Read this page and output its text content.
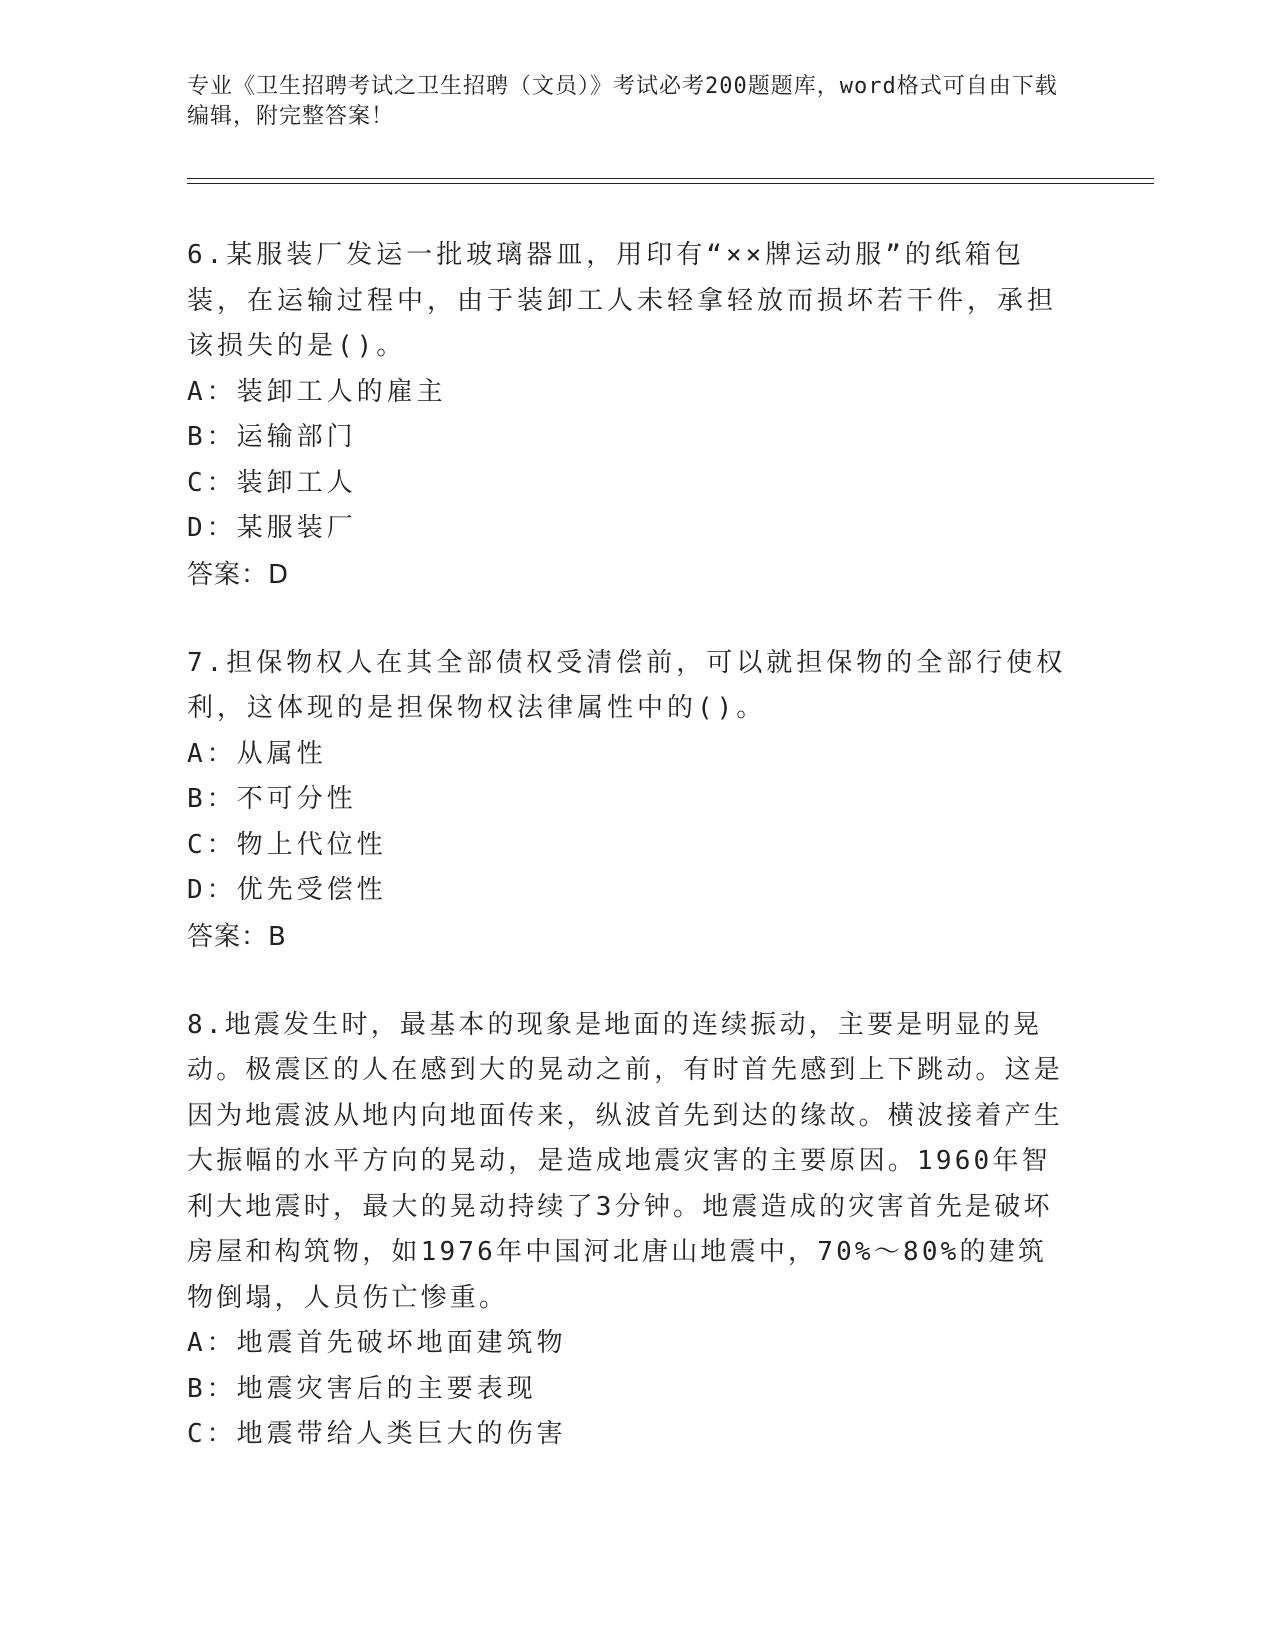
专业《卫生招聘考试之卫生招聘（文员）》考试必考200题题库，word格式可自由下载编辑，附完整答案！

6.某服装厂发运一批玻璃器皿，用印有“××牌运动服”的纸箱包装，在运输过程中，由于装卸工人未轻拿轻放而损坏若干件，承担该损失的是()。

A：装卸工人的雇主

B：运输部门

C：装卸工人

D：某服装厂

答案：D

7.担保物权人在其全部债权受清偿前，可以就担保物的全部行使权利，这体现的是担保物权法律属性中的()。

A：从属性

B：不可分性

C：物上代位性

D：优先受偿性

答案：B

8.地震发生时，最基本的现象是地面的连续振动，主要是明显的晃动。极震区的人在感到大的晃动之前，有时首先感到上下跳动。这是因为地震波从地内向地面传来，纵波首先到达的缘故。横波接着产生大振幅的水平方向的晃动，是造成地震灾害的主要原因。1960年智利大地震时，最大的晃动持续了3分钟。地震造成的灾害首先是破坏房屋和构筑物，如1976年中国河北唐山地震中，70%～80%的建筑物倒塌，人员伤亡惨重。

A：地震首先破坏地面建筑物

B：地震灾害后的主要表现

C：地震带给人类巨大的伤害
